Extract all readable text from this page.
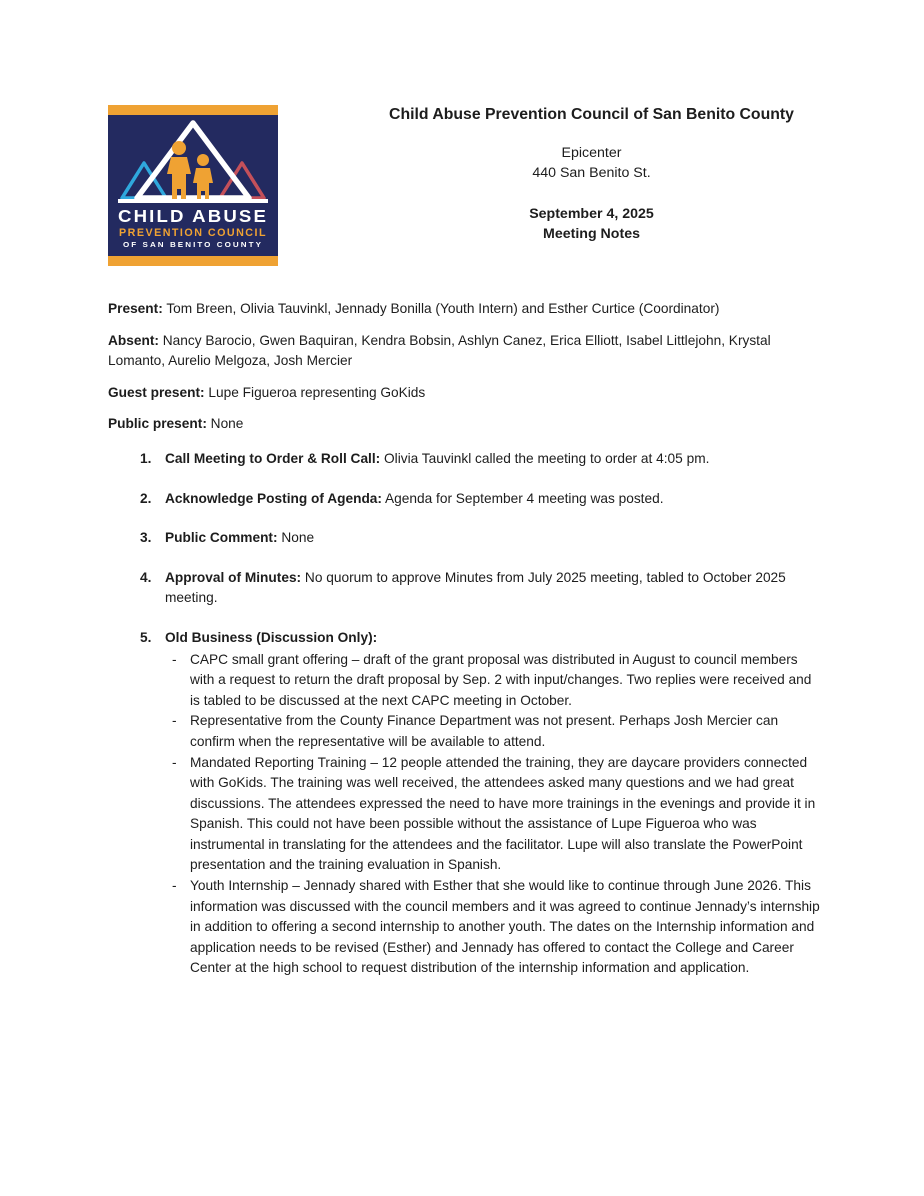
CHILD ABUSE
PREVENTION COUNCIL
OF SAN BENITO COUNTY
Child Abuse Prevention Council of San Benito County
Epicenter
440 San Benito St.
September 4, 2025
Meeting Notes

Present: Tom Breen, Olivia Tauvinkl, Jennady Bonilla (Youth Intern) and Esther Curtice (Coordinator)

Absent: Nancy Barocio, Gwen Baquiran, Kendra Bobsin, Ashlyn Canez, Erica Elliott, Isabel Littlejohn, Krystal Lomanto, Aurelio Melgoza, Josh Mercier

Guest present: Lupe Figueroa representing GoKids

Public present: None

1. Call Meeting to Order & Roll Call: Olivia Tauvinkl called the meeting to order at 4:05 pm.
2. Acknowledge Posting of Agenda: Agenda for September 4 meeting was posted.
3. Public Comment: None
4. Approval of Minutes: No quorum to approve Minutes from July 2025 meeting, tabled to October 2025 meeting.
5. Old Business (Discussion Only):
- CAPC small grant offering – draft of the grant proposal was distributed in August to council members with a request to return the draft proposal by Sep. 2 with input/changes. Two replies were received and is tabled to be discussed at the next CAPC meeting in October.
- Representative from the County Finance Department was not present. Perhaps Josh Mercier can confirm when the representative will be available to attend.
- Mandated Reporting Training – 12 people attended the training, they are daycare providers connected with GoKids. The training was well received, the attendees asked many questions and we had great discussions. The attendees expressed the need to have more trainings in the evenings and provide it in Spanish. This could not have been possible without the assistance of Lupe Figueroa who was instrumental in translating for the attendees and the facilitator. Lupe will also translate the PowerPoint presentation and the training evaluation in Spanish.
- Youth Internship – Jennady shared with Esther that she would like to continue through June 2026. This information was discussed with the council members and it was agreed to continue Jennady’s internship in addition to offering a second internship to another youth. The dates on the Internship information and application needs to be revised (Esther) and Jennady has offered to contact the College and Career Center at the high school to request distribution of the internship information and application.
